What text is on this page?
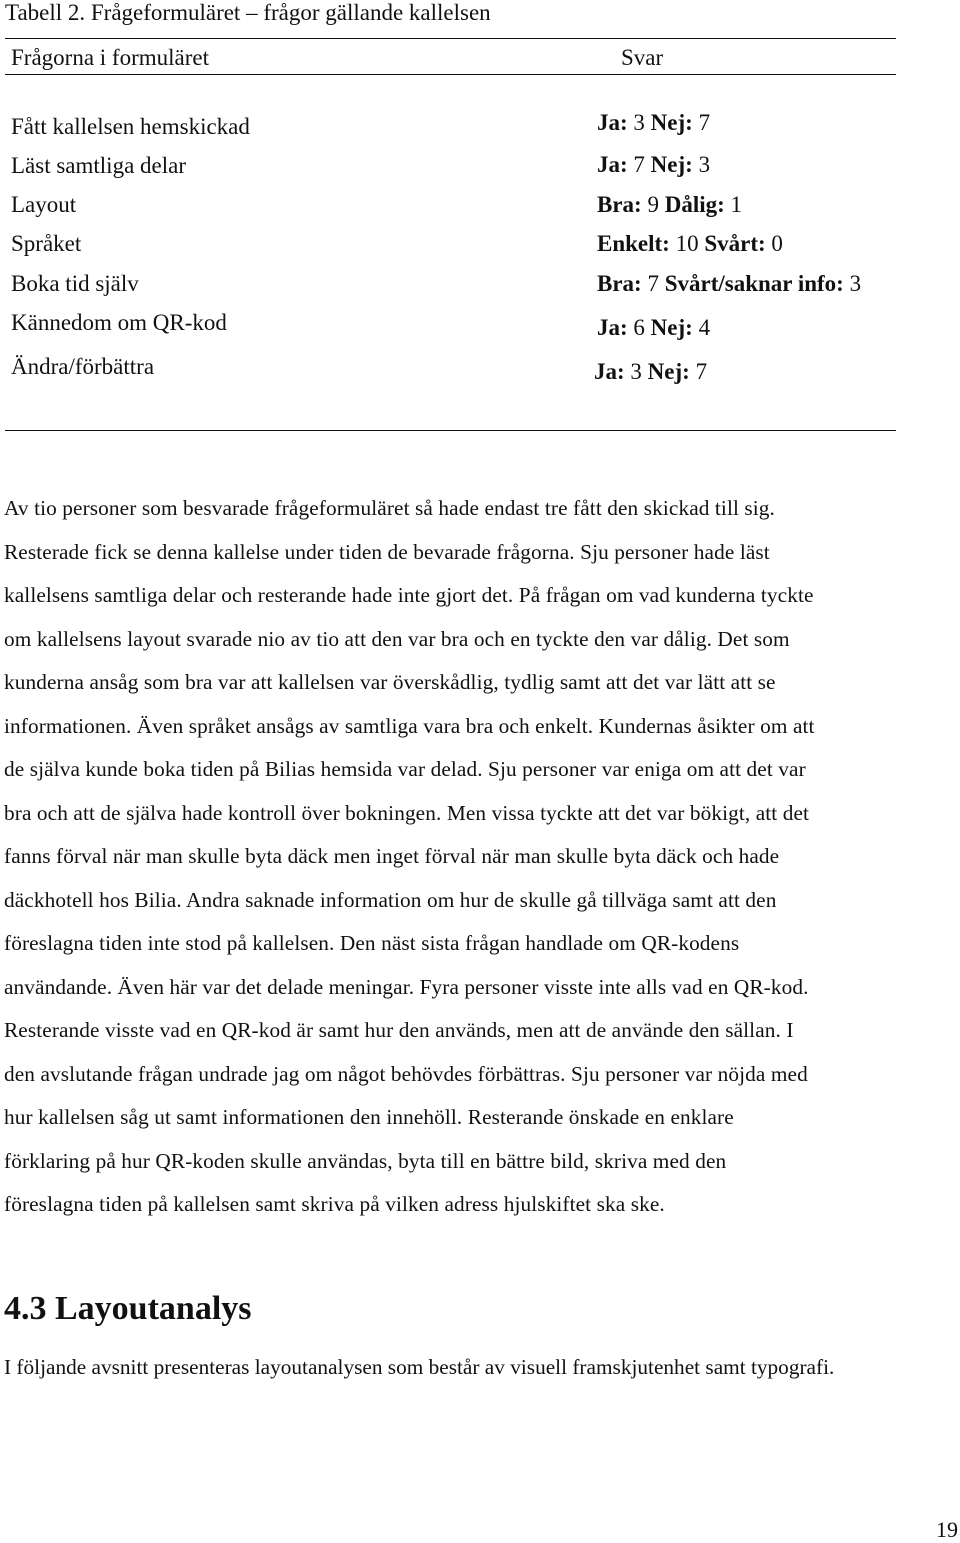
Tabell 2. Frågeformuläret – frågor gällande kallelsen
Frågorna i formuläret	Svar
Fått kallelsen hemskickad	Ja: 3 Nej: 7
Läst samtliga delar	Ja: 7 Nej: 3
Layout	Bra: 9 Dålig: 1
Språket	Enkelt: 10 Svårt: 0
Boka tid själv	Bra: 7 Svårt/saknar info: 3
Kännedom om QR-kod	Ja: 6 Nej: 4
Ändra/förbättra	Ja: 3 Nej: 7

Av tio personer som besvarade frågeformuläret så hade endast tre fått den skickad till sig.
Resterade fick se denna kallelse under tiden de bevarade frågorna. Sju personer hade läst
kallelsens samtliga delar och resterande hade inte gjort det. På frågan om vad kunderna tyckte
om kallelsens layout svarade nio av tio att den var bra och en tyckte den var dålig. Det som
kunderna ansåg som bra var att kallelsen var överskådlig, tydlig samt att det var lätt att se
informationen. Även språket ansågs av samtliga vara bra och enkelt. Kundernas åsikter om att
de själva kunde boka tiden på Bilias hemsida var delad. Sju personer var eniga om att det var
bra och att de själva hade kontroll över bokningen. Men vissa tyckte att det var bökigt, att det
fanns förval när man skulle byta däck men inget förval när man skulle byta däck och hade
däckhotell hos Bilia. Andra saknade information om hur de skulle gå tillväga samt att den
föreslagna tiden inte stod på kallelsen. Den näst sista frågan handlade om QR-kodens
användande. Även här var det delade meningar. Fyra personer visste inte alls vad en QR-kod.
Resterande visste vad en QR-kod är samt hur den används, men att de använde den sällan. I
den avslutande frågan undrade jag om något behövdes förbättras. Sju personer var nöjda med
hur kallelsen såg ut samt informationen den innehöll. Resterande önskade en enklare
förklaring på hur QR-koden skulle användas, byta till en bättre bild, skriva med den
föreslagna tiden på kallelsen samt skriva på vilken adress hjulskiftet ska ske.

4.3 Layoutanalys

I följande avsnitt presenteras layoutanalysen som består av visuell framskjutenhet samt typografi.

19
